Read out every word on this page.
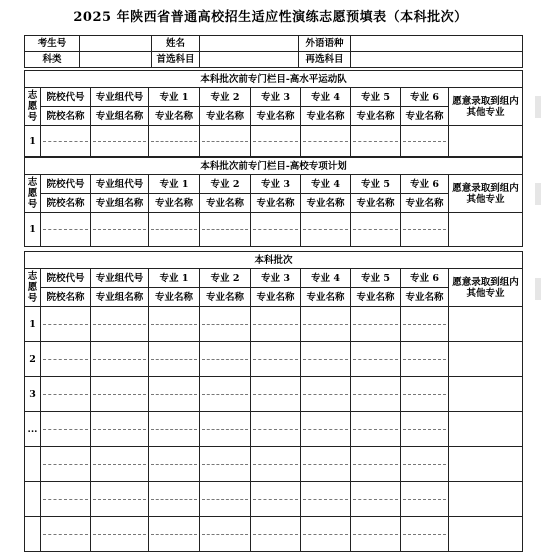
2025 年陕西省普通高校招生适应性演练志愿预填表（本科批次）
考生号		姓名		外语语种	
科类		首选科目		再选科目	
本科批次前专门栏目-高水平运动队									
志愿号	院校代号	专业组代号	专业 1	专业 2	专业 3	专业 4	专业 5	专业 6	愿意录取到组内其他专业
	院校名称	专业组名称	专业名称	专业名称	专业名称	专业名称	专业名称	专业名称	
1	

本科批次前专门栏目-高校专项计划									
志愿号	院校代号	专业组代号	专业 1	专业 2	专业 3	专业 4	专业 5	专业 6	愿意录取到组内其他专业
	院校名称	专业组名称	专业名称	专业名称	专业名称	专业名称	专业名称	专业名称	
1	

本科批次									
志愿号	院校代号	专业组代号	专业 1	专业 2	专业 3	专业 4	专业 5	专业 6	愿意录取到组内其他专业
	院校名称	专业组名称	专业名称	专业名称	专业名称	专业名称	专业名称	专业名称	
1	

2	

3	

...	
